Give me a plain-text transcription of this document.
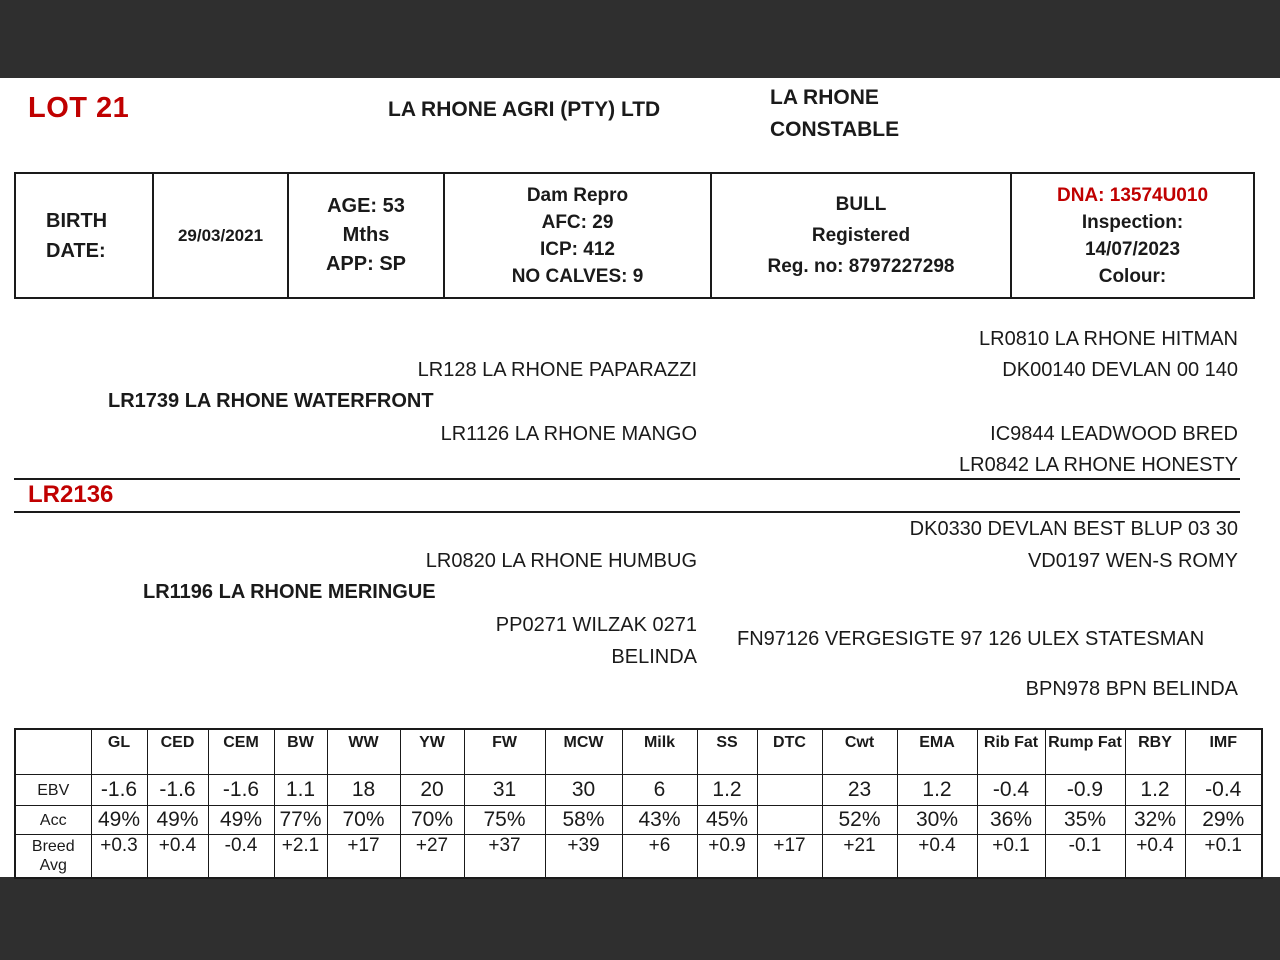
LOT 21	LA RHONE AGRI (PTY) LTD
LA RHONE CONSTABLE
BIRTH DATE:	
29/03/2021

AGE: 53
Mths
APP: SP

Dam Repro
AFC: 29
ICP: 412
NO CALVES: 9

BULL
Registered
Reg. no: 8797227298

DNA: 13574U010
Inspection:
14/07/2023
Colour:
LR0810 LA RHONE HITMAN
LR128 LA RHONE PAPARAZZI	DK00140 DEVLAN 00 140
LR1739 LA RHONE WATERFRONT
LR1126 LA RHONE MANGO	IC9844 LEADWOOD BRED
LR0842 LA RHONE HONESTY
LR2136
DK0330 DEVLAN BEST BLUP 03 30
LR0820 LA RHONE HUMBUG	VD0197 WEN-S ROMY
LR1196 LA RHONE MERINGUE
PP0271 WILZAK 0271
FN97126 VERGESIGTE 97 126 ULEX STATESMAN
BELINDA
BPN978 BPN BELINDA
	GL	CED	CEM	BW	WW	YW	FW	MCW	Milk	SS	DTC	Cwt	EMA	Rib Fat	Rump Fat	RBY	IMF
EBV	-1.6	-1.6	-1.6	1.1	18	20	31	30	6	1.2		23	1.2	-0.4	-0.9	1.2	-0.4
Acc	49%	49%	49%	77%	70%	70%	75%	58%	43%	45%		52%	30%	36%	35%	32%	29%
Breed Avg	+0.3	+0.4	-0.4	+2.1	+17	+27	+37	+39	+6	+0.9	+17	+21	+0.4	+0.1	-0.1	+0.4	+0.1
